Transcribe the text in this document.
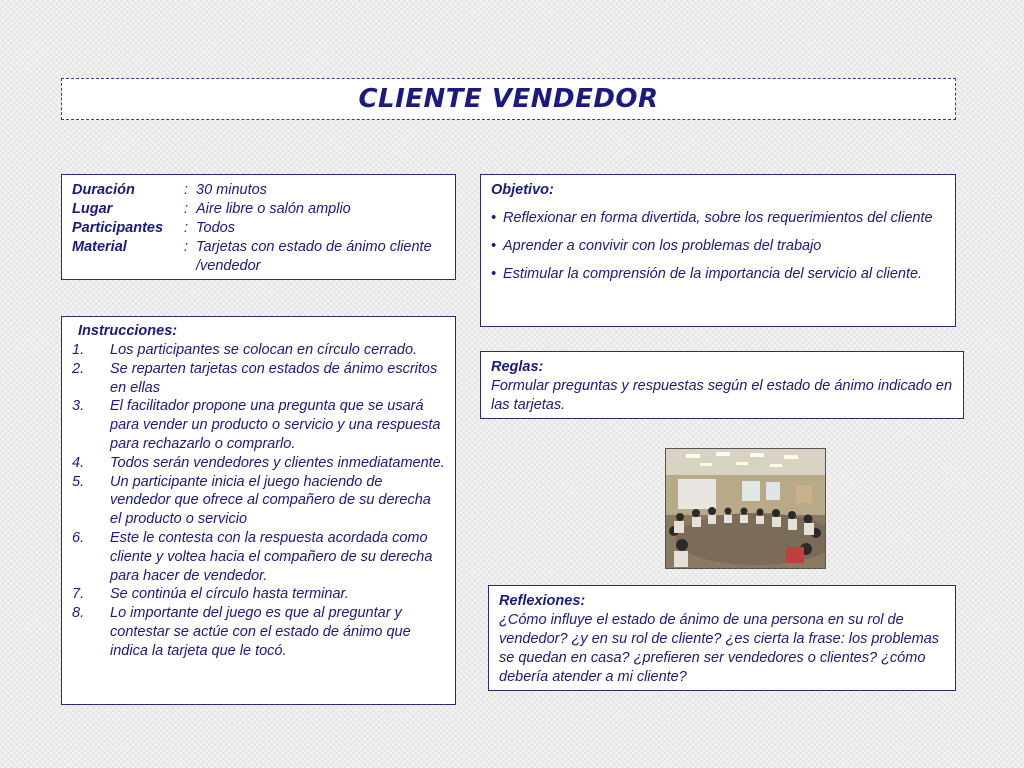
CLIENTE VENDEDOR
Duración	: 30 minutos
Lugar	: Aire libre o salón amplio
Participantes	: Todos
Material	: Tarjetas con estado de ánimo cliente /vendedor
Objetivo:
• Reflexionar en forma divertida, sobre los requerimientos del cliente
• Aprender a convivir con los problemas del trabajo
• Estimular la comprensión de la importancia del servicio al cliente.
Instrucciones:
1.	Los participantes se colocan en círculo cerrado.
2.	Se reparten tarjetas con estados de ánimo escritos en ellas
3.	El facilitador propone una pregunta que se usará para vender un producto o servicio y una respuesta para rechazarlo o comprarlo.
4.	Todos serán vendedores y clientes inmediatamente.
5.	Un participante inicia el juego haciendo de vendedor que ofrece al compañero de su derecha el producto o servicio
6.	Este le contesta con la respuesta acordada como cliente y voltea hacia el compañero de su derecha para hacer de vendedor.
7.	Se continúa el círculo hasta terminar.
8.	Lo importante del juego es que al preguntar y contestar se actúe con el estado de ánimo que indica la tarjeta que le tocó.
Reglas:
Formular preguntas y respuestas según el estado de ánimo indicado en las tarjetas.
Reflexiones:
¿Cómo influye el estado de ánimo de una persona en su rol de vendedor? ¿y en su rol de cliente? ¿es cierta la frase: los problemas se quedan en casa? ¿prefieren ser vendedores o clientes? ¿cómo debería atender a mi cliente?
